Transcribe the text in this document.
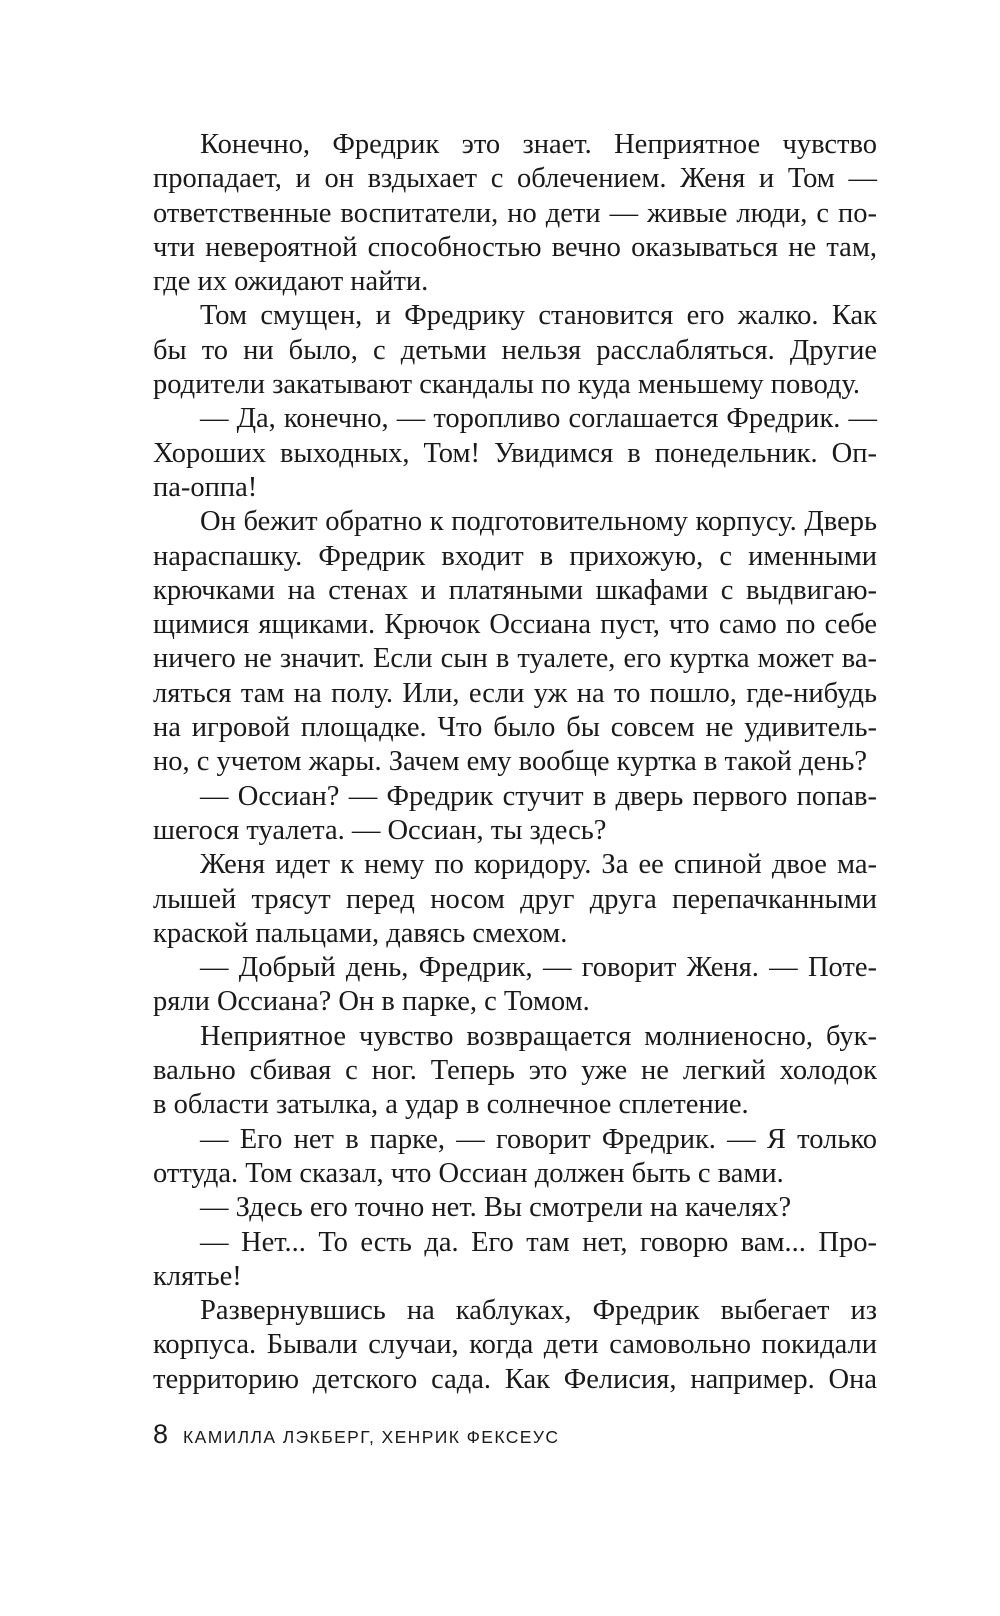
Конечно, Фредрик это знает. Неприятное чувство
пропадает, и он вздыхает с облечением. Женя и Том —
ответственные воспитатели, но дети — живые люди, с по-
чти невероятной способностью вечно оказываться не там,
где их ожидают найти.
Том смущен, и Фредрику становится его жалко. Как
бы то ни было, с детьми нельзя расслабляться. Другие
родители закатывают скандалы по куда меньшему поводу.
— Да, конечно, — торопливо соглашается Фредрик. —
Хороших выходных, Том! Увидимся в понедельник. Оп-
па-оппа!
Он бежит обратно к подготовительному корпусу. Дверь
нараспашку. Фредрик входит в прихожую, с именными
крючками на стенах и платяными шкафами с выдвигаю-
щимися ящиками. Крючок Оссиана пуст, что само по себе
ничего не значит. Если сын в туалете, его куртка может ва-
ляться там на полу. Или, если уж на то пошло, где-нибудь
на игровой площадке. Что было бы совсем не удивитель-
но, с учетом жары. Зачем ему вообще куртка в такой день?
— Оссиан? — Фредрик стучит в дверь первого попав-
шегося туалета. — Оссиан, ты здесь?
Женя идет к нему по коридору. За ее спиной двое ма-
лышей трясут перед носом друг друга перепачканными
краской пальцами, давясь смехом.
— Добрый день, Фредрик, — говорит Женя. — Поте-
ряли Оссиана? Он в парке, с Томом.
Неприятное чувство возвращается молниеносно, бук-
вально сбивая с ног. Теперь это уже не легкий холодок
в области затылка, а удар в солнечное сплетение.
— Его нет в парке, — говорит Фредрик. — Я только
оттуда. Том сказал, что Оссиан должен быть с вами.
— Здесь его точно нет. Вы смотрели на качелях?
— Нет... То есть да. Его там нет, говорю вам... Про-
клятье!
Развернувшись на каблуках, Фредрик выбегает из
корпуса. Бывали случаи, когда дети самовольно покидали
территорию детского сада. Как Фелисия, например. Она
8 КАМИЛЛА ЛЭКБЕРГ, ХЕНРИК ФЕКСЕУС
